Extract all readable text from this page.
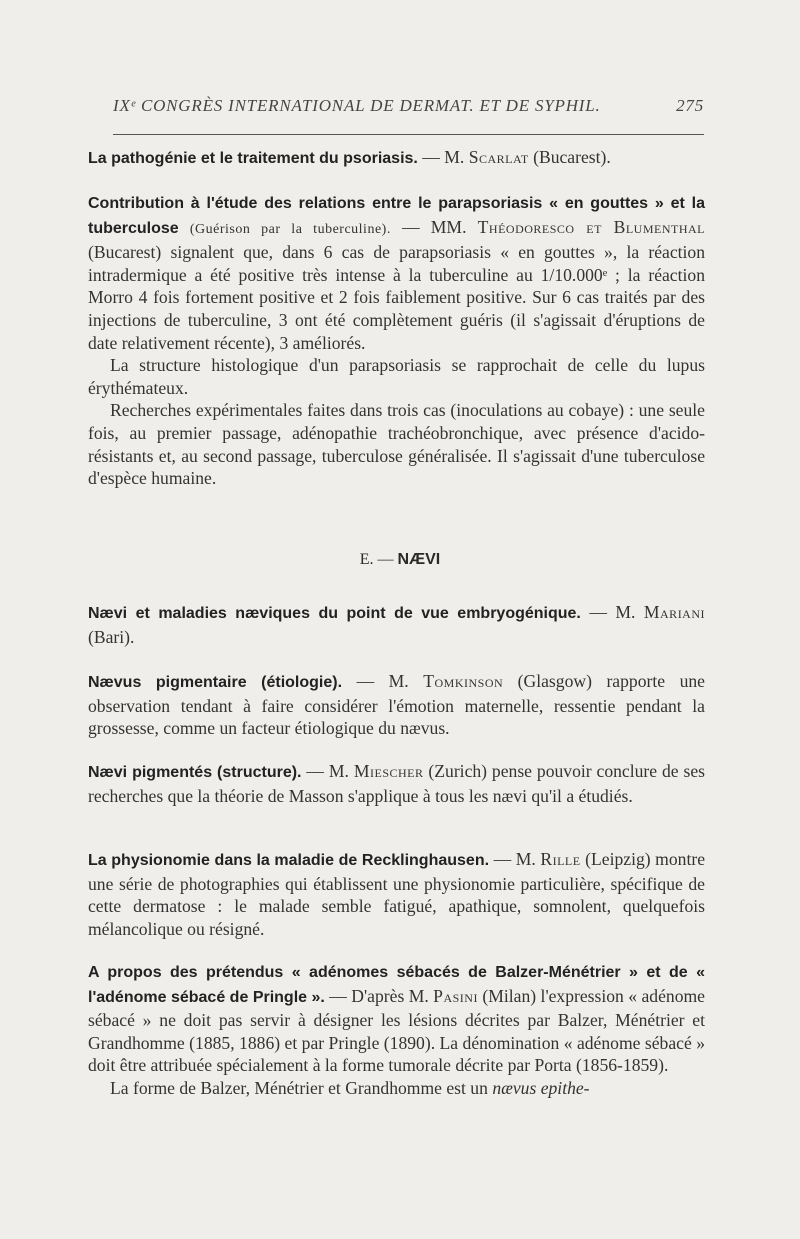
IXᵉ CONGRÈS INTERNATIONAL DE DERMAT. ET DE SYPHIL.	275

La pathogénie et le traitement du psoriasis. — M. Scarlat (Bucarest).

Contribution à l'étude des relations entre le parapsoriasis « en gouttes » et la tuberculose (Guérison par la tuberculine). — MM. Théodoresco et Blumenthal (Bucarest) signalent que, dans 6 cas de parapsoriasis « en gouttes », la réaction intradermique a été positive très intense à la tuberculine au 1/10.000ᵉ ; la réaction Morro 4 fois fortement positive et 2 fois faiblement positive. Sur 6 cas traités par des injections de tuberculine, 3 ont été complètement guéris (il s'agissait d'éruptions de date relativement récente), 3 améliorés.

La structure histologique d'un parapsoriasis se rapprochait de celle du lupus érythémateux.

Recherches expérimentales faites dans trois cas (inoculations au cobaye) : une seule fois, au premier passage, adénopathie trachéobronchique, avec présence d'acido-résistants et, au second passage, tuberculose généralisée. Il s'agissait d'une tuberculose d'espèce humaine.

E. — NÆVI

Nævi et maladies næviques du point de vue embryogénique. — M. Mariani (Bari).

Nævus pigmentaire (étiologie). — M. Tomkinson (Glasgow) rapporte une observation tendant à faire considérer l'émotion maternelle, ressentie pendant la grossesse, comme un facteur étiologique du nævus.

Nævi pigmentés (structure). — M. Miescher (Zurich) pense pouvoir conclure de ses recherches que la théorie de Masson s'applique à tous les nævi qu'il a étudiés.

La physionomie dans la maladie de Recklinghausen. — M. Rille (Leipzig) montre une série de photographies qui établissent une physionomie particulière, spécifique de cette dermatose : le malade semble fatigué, apathique, somnolent, quelquefois mélancolique ou résigné.

A propos des prétendus « adénomes sébacés de Balzer-Ménétrier » et de « l'adénome sébacé de Pringle ». — D'après M. Pasini (Milan) l'expression « adénome sébacé » ne doit pas servir à désigner les lésions décrites par Balzer, Ménétrier et Grandhomme (1885, 1886) et par Pringle (1890). La dénomination « adénome sébacé » doit être attribuée spécialement à la forme tumorale décrite par Porta (1856-1859).

La forme de Balzer, Ménétrier et Grandhomme est un nævus epithe-
